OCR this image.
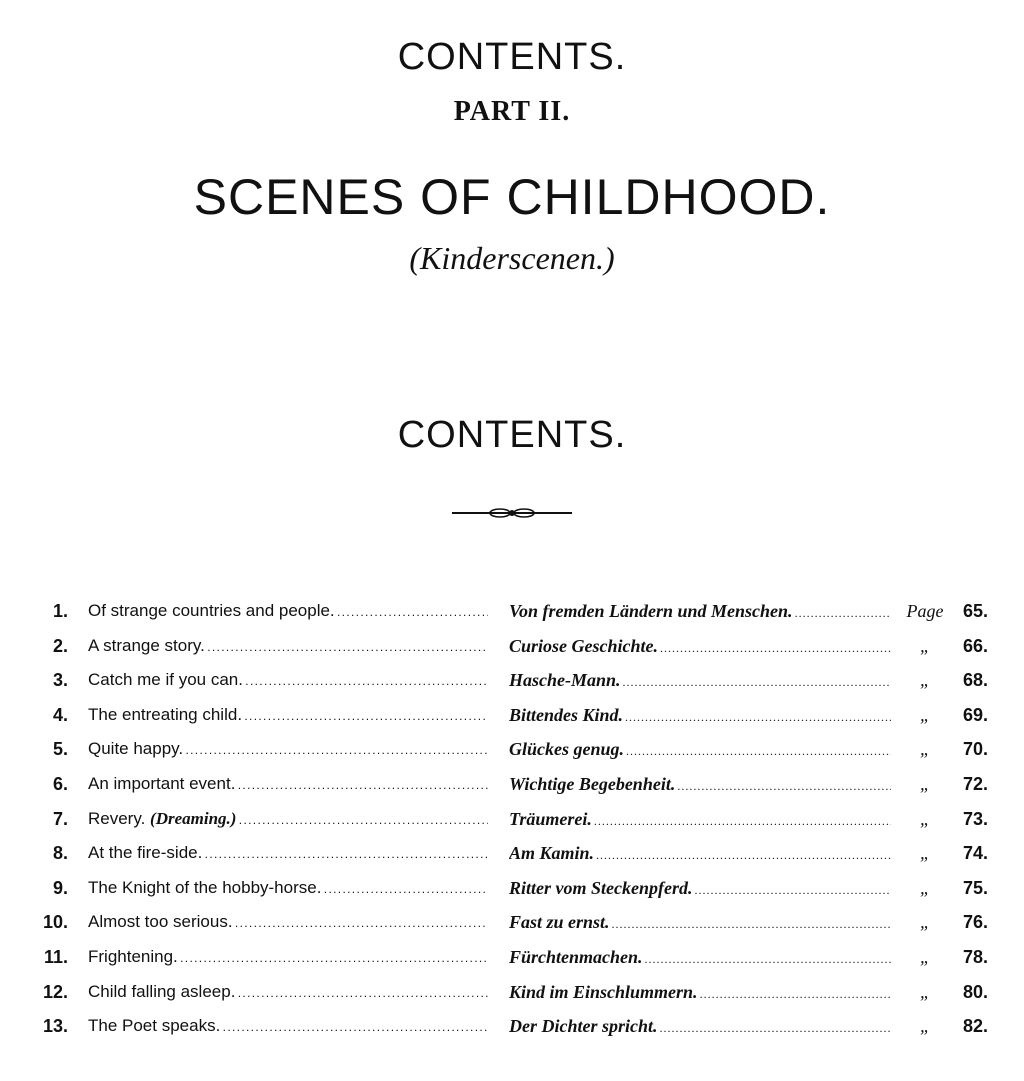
CONTENTS.
PART II.
SCENES OF CHILDHOOD.
(Kinderscenen.)
CONTENTS.
1. Of strange countries and people. . . .	Von fremden Ländern und Menschen. . . .	Page	65.
2. A strange story. . . .	Curiose Geschichte. . . .	„	66.
3. Catch me if you can. . . .	Hasche-Mann. . . .	„	68.
4. The entreating child. . . .	Bittendes Kind. . . .	„	69.
5. Quite happy. . . .	Glückes genug. . . .	„	70.
6. An important event. . . .	Wichtige Begebenheit. . . .	„	72.
7. Revery. (Dreaming.) . . .	Träumerei. . . .	„	73.
8. At the fire-side. . . .	Am Kamin. . . .	„	74.
9. The Knight of the hobby-horse. . . .	Ritter vom Steckenpferd. . . .	„	75.
10. Almost too serious. . . .	Fast zu ernst. . . .	„	76.
11. Frightening. . . .	Fürchtenmachen. . . .	„	78.
12. Child falling asleep. . . .	Kind im Einschlummern. . . .	„	80.
13. The Poet speaks. . . .	Der Dichter spricht. . . .	„	82.
